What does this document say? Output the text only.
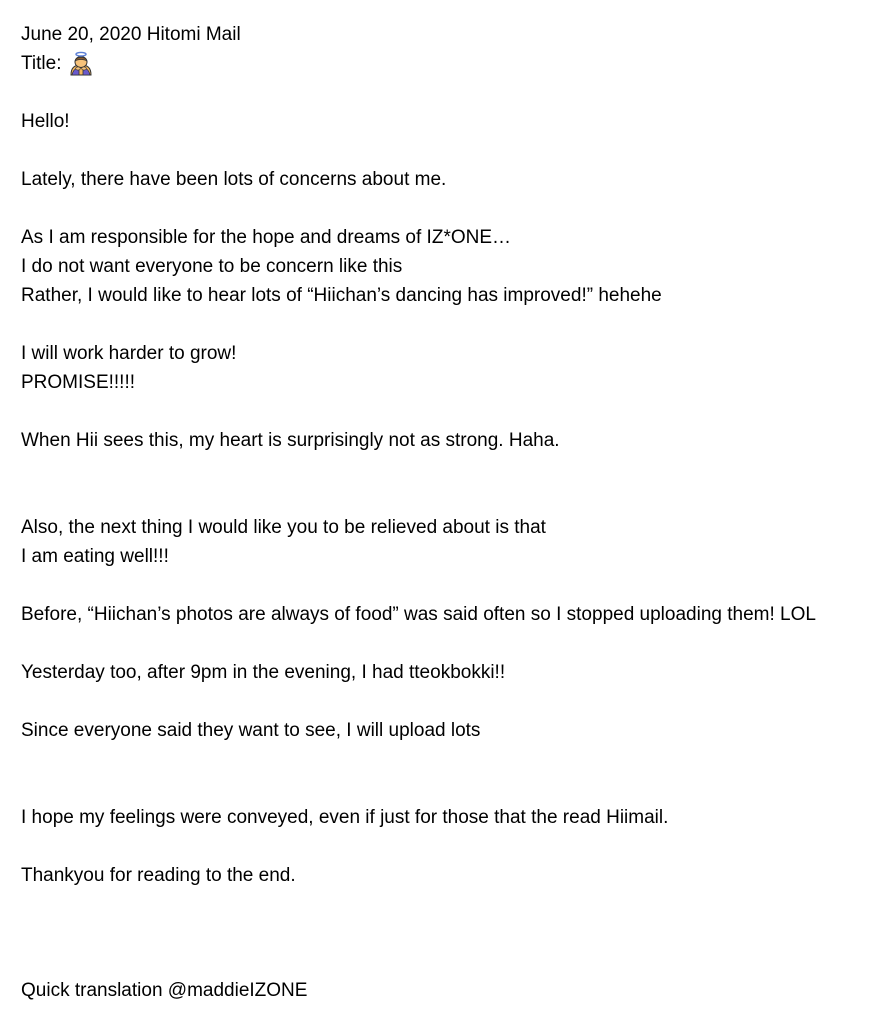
June 20, 2020 Hitomi Mail
Title:
Hello!
Lately, there have been lots of concerns about me.
As I am responsible for the hope and dreams of IZ*ONE…
I do not want everyone to be concern like this
Rather, I would like to hear lots of “Hiichan’s dancing has improved!” hehehe
I will work harder to grow!
PROMISE!!!!!
When Hii sees this, my heart is surprisingly not as strong. Haha.
Also, the next thing I would like you to be relieved about is that
I am eating well!!!
Before, “Hiichan’s photos are always of food” was said often so I stopped uploading them! LOL
Yesterday too, after 9pm in the evening, I had tteokbokki!!
Since everyone said they want to see, I will upload lots
I hope my feelings were conveyed, even if just for those that the read Hiimail.
Thankyou for reading to the end.
Quick translation @maddieIZONE
